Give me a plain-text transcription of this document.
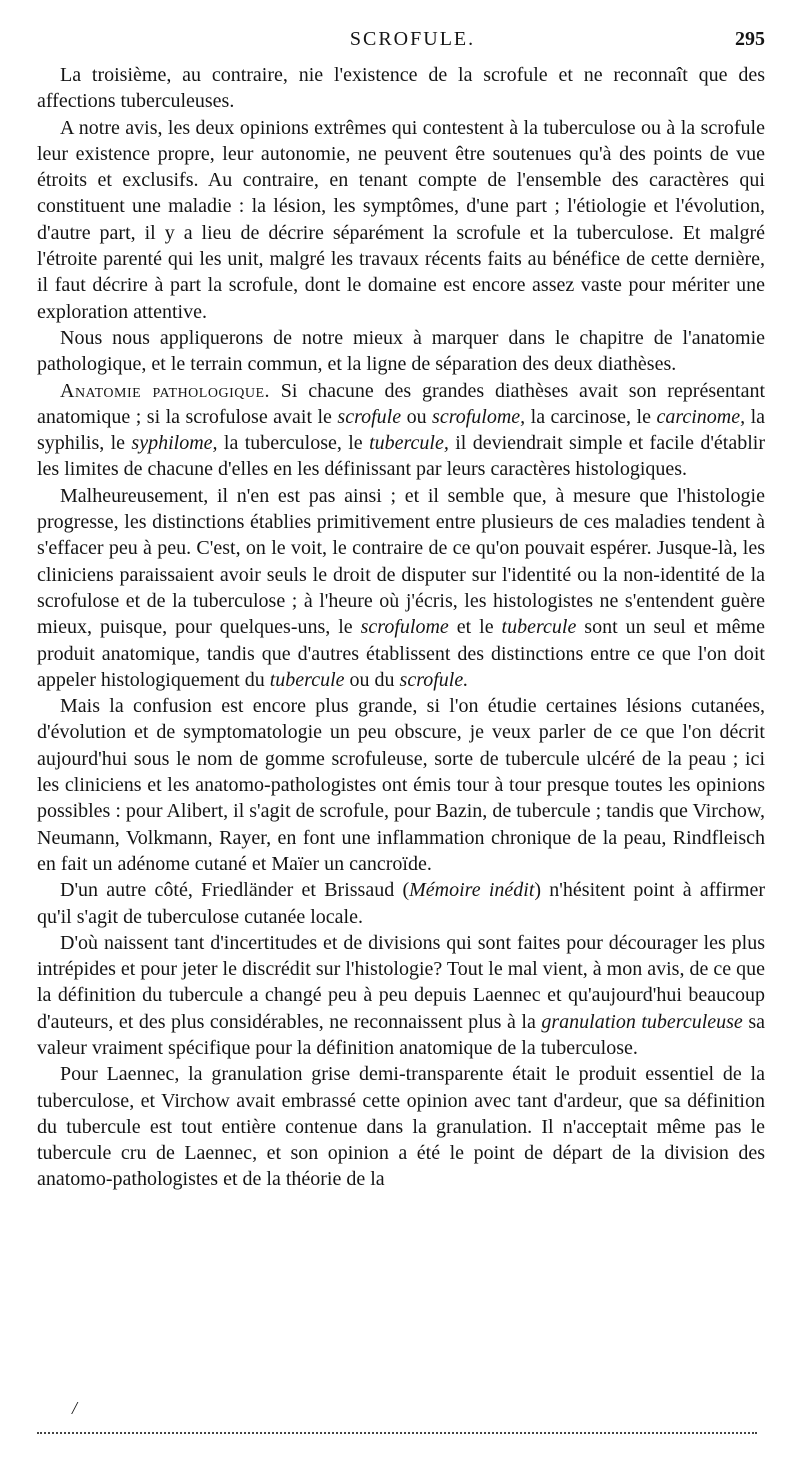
SCROFULE.	295

La troisième, au contraire, nie l'existence de la scrofule et ne reconnaît que des affections tuberculeuses.

A notre avis, les deux opinions extrêmes qui contestent à la tuberculose ou à la scrofule leur existence propre, leur autonomie, ne peuvent être soutenues qu'à des points de vue étroits et exclusifs. Au contraire, en tenant compte de l'ensemble des caractères qui constituent une maladie : la lésion, les symptômes, d'une part ; l'étiologie et l'évolution, d'autre part, il y a lieu de décrire séparément la scrofule et la tuberculose. Et malgré l'étroite parenté qui les unit, malgré les travaux récents faits au bénéfice de cette dernière, il faut décrire à part la scrofule, dont le domaine est encore assez vaste pour mériter une exploration attentive.

Nous nous appliquerons de notre mieux à marquer dans le chapitre de l'anatomie pathologique, et le terrain commun, et la ligne de séparation des deux diathèses.

Anatomie pathologique. Si chacune des grandes diathèses avait son représentant anatomique ; si la scrofulose avait le scrofule ou scrofulome, la carcinose, le carcinome, la syphilis, le syphilome, la tuberculose, le tubercule, il deviendrait simple et facile d'établir les limites de chacune d'elles en les définissant par leurs caractères histologiques.

Malheureusement, il n'en est pas ainsi ; et il semble que, à mesure que l'histologie progresse, les distinctions établies primitivement entre plusieurs de ces maladies tendent à s'effacer peu à peu. C'est, on le voit, le contraire de ce qu'on pouvait espérer. Jusque-là, les cliniciens paraissaient avoir seuls le droit de disputer sur l'identité ou la non-identité de la scrofulose et de la tuberculose ; à l'heure où j'écris, les histologistes ne s'entendent guère mieux, puisque, pour quelques-uns, le scrofulome et le tubercule sont un seul et même produit anatomique, tandis que d'autres établissent des distinctions entre ce que l'on doit appeler histologiquement du tubercule ou du scrofule.

Mais la confusion est encore plus grande, si l'on étudie certaines lésions cutanées, d'évolution et de symptomatologie un peu obscure, je veux parler de ce que l'on décrit aujourd'hui sous le nom de gomme scrofuleuse, sorte de tubercule ulcéré de la peau ; ici les cliniciens et les anatomo-pathologistes ont émis tour à tour presque toutes les opinions possibles : pour Alibert, il s'agit de scrofule, pour Bazin, de tubercule ; tandis que Virchow, Neumann, Volkmann, Rayer, en font une inflammation chronique de la peau, Rindfleisch en fait un adénome cutané et Maïer un cancroïde.

D'un autre côté, Friedländer et Brissaud (Mémoire inédit) n'hésitent point à affirmer qu'il s'agit de tuberculose cutanée locale.

D'où naissent tant d'incertitudes et de divisions qui sont faites pour décourager les plus intrépides et pour jeter le discrédit sur l'histologie? Tout le mal vient, à mon avis, de ce que la définition du tubercule a changé peu à peu depuis Laennec et qu'aujourd'hui beaucoup d'auteurs, et des plus considérables, ne reconnaissent plus à la granulation tuberculeuse sa valeur vraiment spécifique pour la définition anatomique de la tuberculose.

Pour Laennec, la granulation grise demi-transparente était le produit essentiel de la tuberculose, et Virchow avait embrassé cette opinion avec tant d'ardeur, que sa définition du tubercule est tout entière contenue dans la granulation. Il n'acceptait même pas le tubercule cru de Laennec, et son opinion a été le point de départ de la division des anatomo-pathologistes et de la théorie de la

/
